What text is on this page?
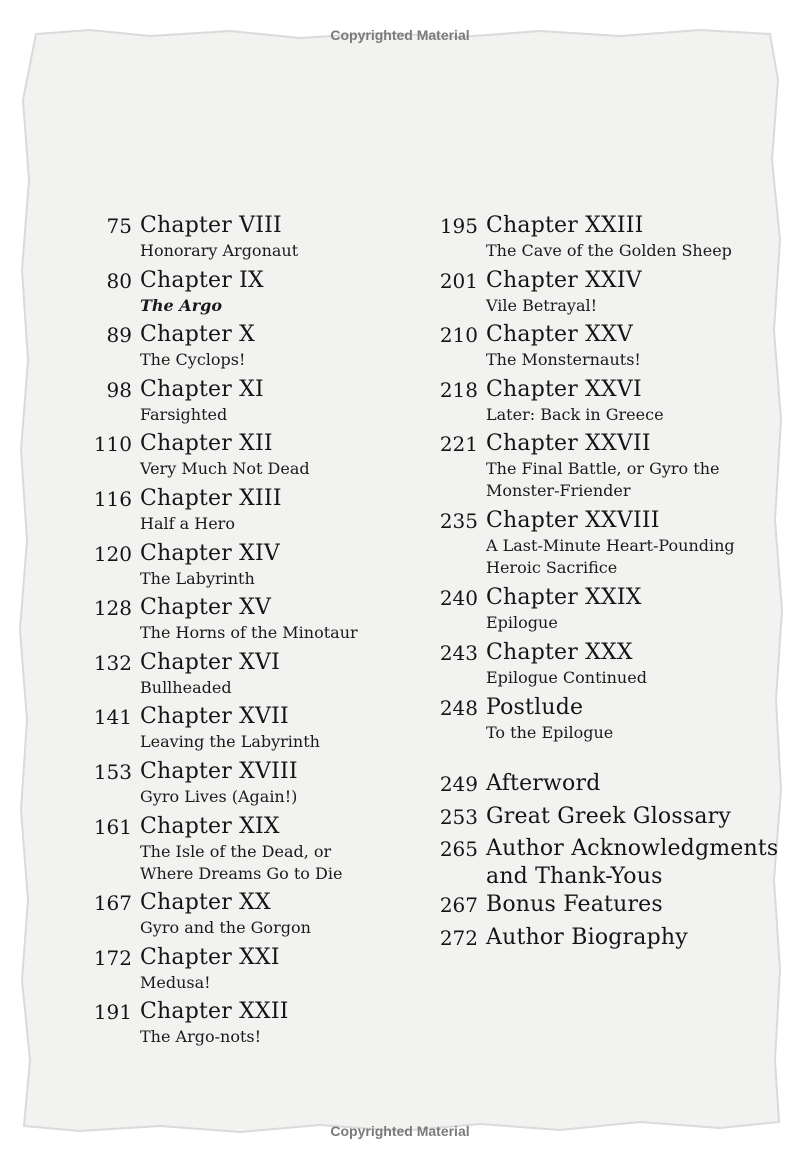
Copyrighted Material
75 Chapter VIII
Honorary Argonaut
80 Chapter IX
The Argo
89 Chapter X
The Cyclops!
98 Chapter XI
Farsighted
110 Chapter XII
Very Much Not Dead
116 Chapter XIII
Half a Hero
120 Chapter XIV
The Labyrinth
128 Chapter XV
The Horns of the Minotaur
132 Chapter XVI
Bullheaded
141 Chapter XVII
Leaving the Labyrinth
153 Chapter XVIII
Gyro Lives (Again!)
161 Chapter XIX
The Isle of the Dead, or
Where Dreams Go to Die
167 Chapter XX
Gyro and the Gorgon
172 Chapter XXI
Medusa!
191 Chapter XXII
The Argo-nots!
195 Chapter XXIII
The Cave of the Golden Sheep
201 Chapter XXIV
Vile Betrayal!
210 Chapter XXV
The Monsternauts!
218 Chapter XXVI
Later: Back in Greece
221 Chapter XXVII
The Final Battle, or Gyro the
Monster-Friender
235 Chapter XXVIII
A Last-Minute Heart-Pounding
Heroic Sacrifice
240 Chapter XXIX
Epilogue
243 Chapter XXX
Epilogue Continued
248 Postlude
To the Epilogue
249 Afterword
253 Great Greek Glossary
265 Author Acknowledgments
and Thank-Yous
267 Bonus Features
272 Author Biography
Copyrighted Material
